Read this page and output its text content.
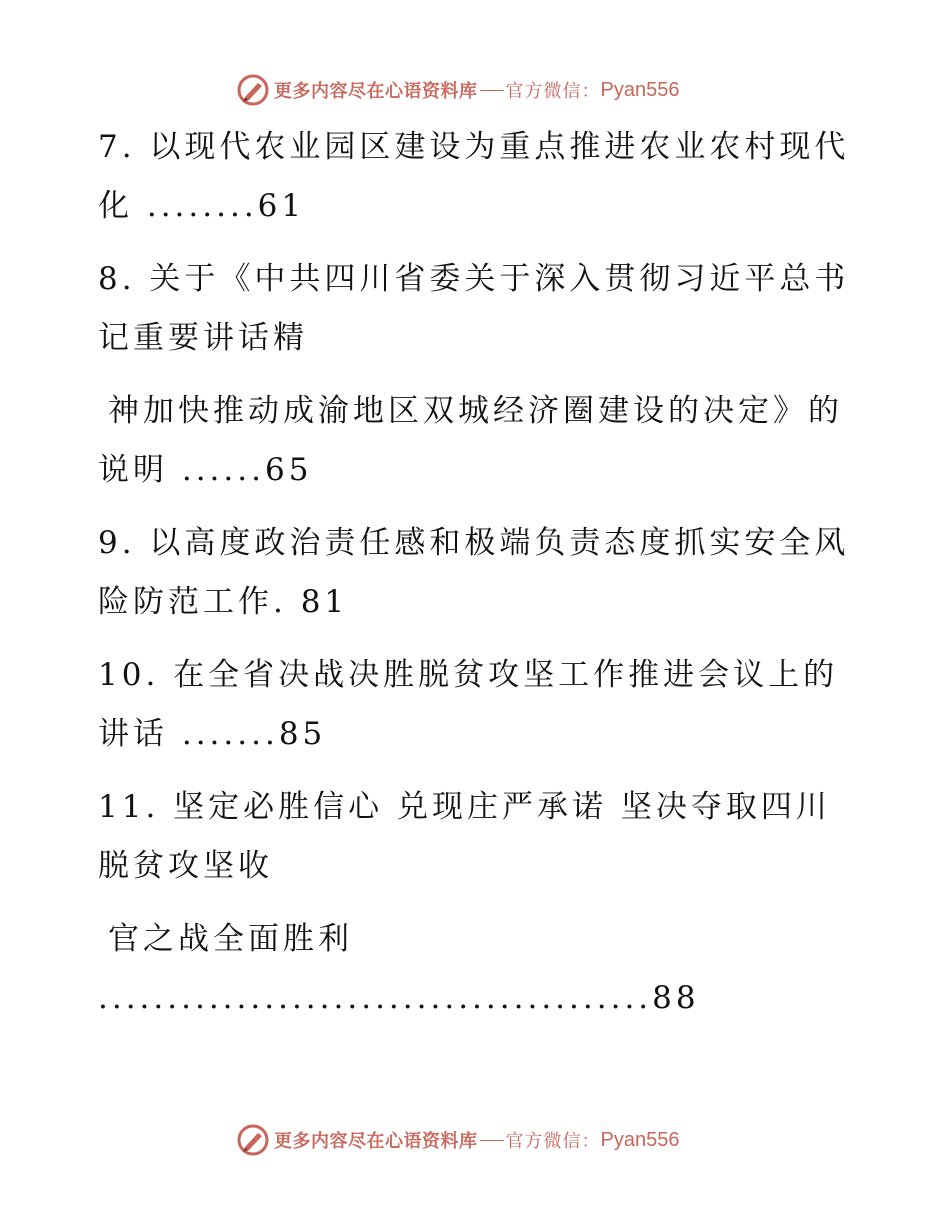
更多内容尽在心语资料库 官方微信： Pyan556
7. 以现代农业园区建设为重点推进农业农村现代
化 ........61
8. 关于《中共四川省委关于深入贯彻习近平总书
记重要讲话精
神加快推动成渝地区双城经济圈建设的决定》的
说明 ......65
9. 以高度政治责任感和极端负责态度抓实安全风
险防范工作. 81
10. 在全省决战决胜脱贫攻坚工作推进会议上的
讲话 .......85
11. 坚定必胜信心 兑现庄严承诺 坚决夺取四川
脱贫攻坚收
官之战全面胜利
........................................88
更多内容尽在心语资料库 官方微信： Pyan556
